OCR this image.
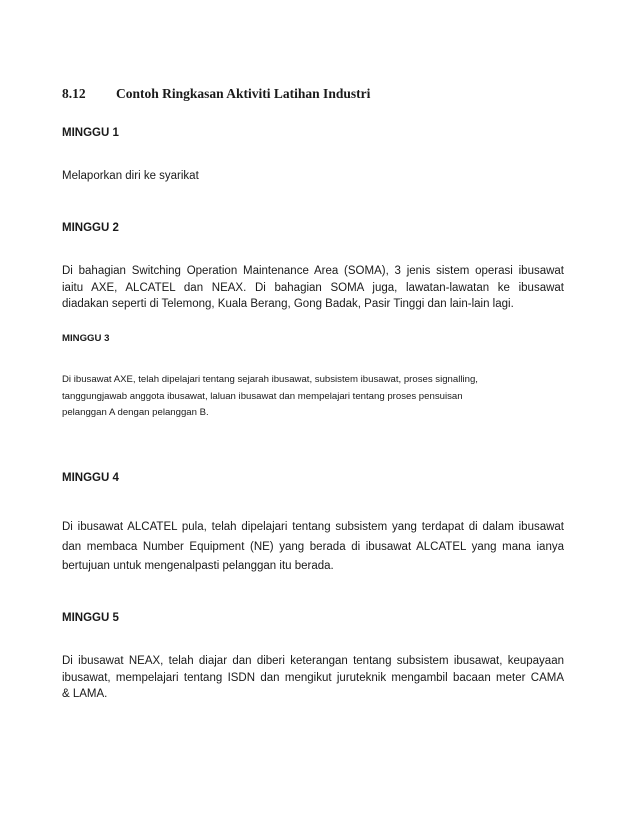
8.12 Contoh Ringkasan Aktiviti Latihan Industri
MINGGU 1
Melaporkan diri ke syarikat
MINGGU 2
Di bahagian Switching Operation Maintenance Area (SOMA), 3 jenis sistem operasi ibusawat
iaitu AXE, ALCATEL dan NEAX. Di bahagian SOMA juga, lawatan-lawatan ke ibusawat
diadakan seperti di Telemong, Kuala Berang, Gong Badak, Pasir Tinggi dan lain-lain lagi.
MINGGU 3
Di ibusawat AXE, telah dipelajari tentang sejarah ibusawat, subsistem ibusawat, proses signalling,
tanggungjawab anggota ibusawat, laluan ibusawat dan mempelajari tentang proses pensuisan
pelanggan A dengan pelanggan B.
MINGGU 4
Di ibusawat ALCATEL pula, telah dipelajari tentang subsistem yang terdapat di dalam ibusawat
dan membaca Number Equipment (NE) yang berada di ibusawat ALCATEL yang mana ianya
bertujuan untuk mengenalpasti pelanggan itu berada.
MINGGU 5
Di ibusawat NEAX, telah diajar dan diberi keterangan tentang subsistem ibusawat, keupayaan
ibusawat, mempelajari tentang ISDN dan mengikut juruteknik mengambil bacaan meter CAMA
& LAMA.
